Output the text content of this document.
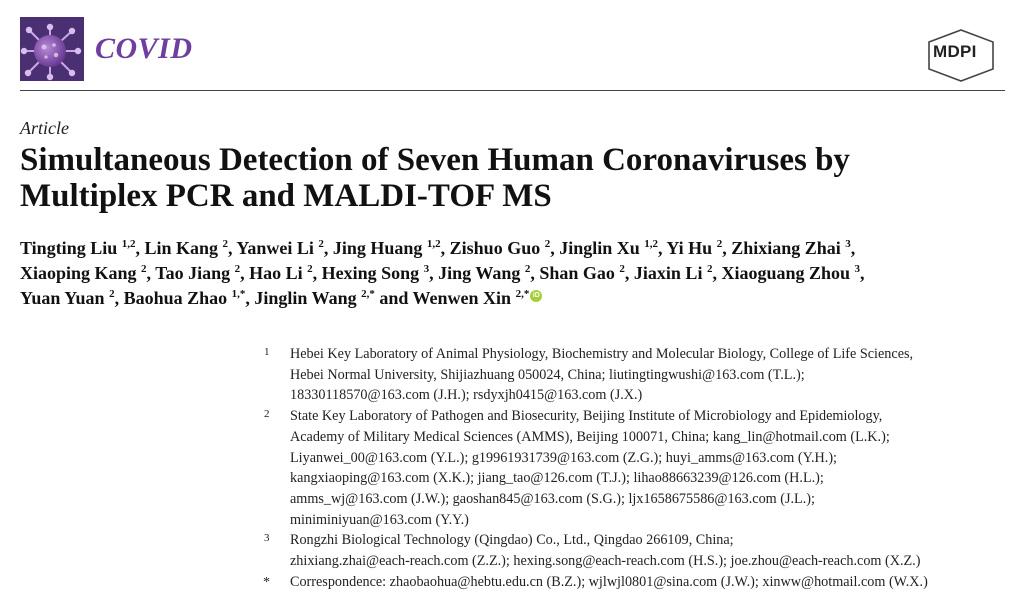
COVID	MDPI
Article
Simultaneous Detection of Seven Human Coronaviruses by
Multiplex PCR and MALDI-TOF MS
Tingting Liu $^{1,2}$, Lin Kang $^2$, Yanwei Li $^2$, Jing Huang $^{1,2}$, Zishuo Guo $^2$, Jinglin Xu $^{1,2}$, Yi Hu $^2$, Zhixiang Zhai $^3$,
Xiaoping Kang $^2$, Tao Jiang $^2$, Hao Li $^2$, Hexing Song $^3$, Jing Wang $^2$, Shan Gao $^2$, Jiaxin Li $^2$, Xiaoguang Zhou $^3$,
Yuan Yuan $^2$, Baohua Zhao $^{1,*}$, Jinglin Wang $^{2,*}$ and Wenwen Xin $^{2,*}$ iD
1 Hebei Key Laboratory of Animal Physiology, Biochemistry and Molecular Biology, College of Life Sciences,
Hebei Normal University, Shijiazhuang 050024, China; liutingtingwushi@163.com (T.L.);
18330118570@163.com (J.H.); rsdyxjh0415@163.com (J.X.)
2 State Key Laboratory of Pathogen and Biosecurity, Beijing Institute of Microbiology and Epidemiology,
Academy of Military Medical Sciences (AMMS), Beijing 100071, China; kang_lin@hotmail.com (L.K.);
Liyanwei_00@163.com (Y.L.); g19961931739@163.com (Z.G.); huyi_amms@163.com (Y.H.);
kangxiaoping@163.com (X.K.); jiang_tao@126.com (T.J.); lihao88663239@126.com (H.L.);
amms_wj@163.com (J.W.); gaoshan845@163.com (S.G.); ljx1658675586@163.com (J.L.);
miniminiyuan@163.com (Y.Y.)
3 Rongzhi Biological Technology (Qingdao) Co., Ltd., Qingdao 266109, China;
zhixiang.zhai@each-reach.com (Z.Z.); hexing.song@each-reach.com (H.S.); joe.zhou@each-reach.com (X.Z.)
* Correspondence: zhaobaohua@hebtu.edu.cn (B.Z.); wjlwjl0801@sina.com (J.W.); xinww@hotmail.com (W.X.)
